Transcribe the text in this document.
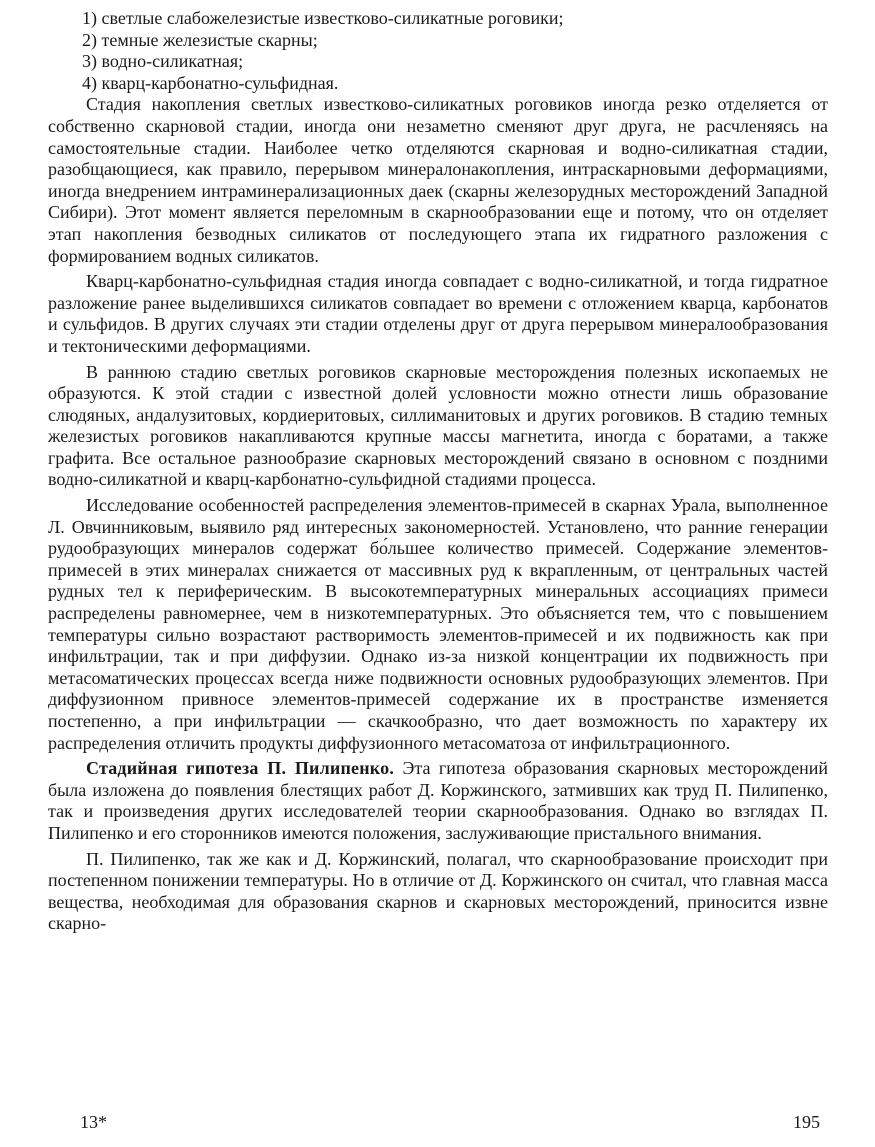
1) светлые слабожелезистые известково-силикатные роговики;
2) темные железистые скарны;
3) водно-силикатная;
4) кварц-карбонатно-сульфидная.

Стадия накопления светлых известково-силикатных роговиков иногда резко отделяется от собственно скарновой стадии, иногда они незаметно сменяют друг друга, не расчленяясь на самостоятельные стадии. Наиболее четко отделяются скарновая и водно-силикатная стадии, разобщающиеся, как правило, перерывом минералонакопления, интраскарновыми деформациями, иногда внедрением интраминерализационных даек (скарны железорудных месторождений Западной Сибири). Этот момент является переломным в скарнообразовании еще и потому, что он отделяет этап накопления безводных силикатов от последующего этапа их гидратного разложения с формированием водных силикатов.

Кварц-карбонатно-сульфидная стадия иногда совпадает с водно-силикатной, и тогда гидратное разложение ранее выделившихся силикатов совпадает во времени с отложением кварца, карбонатов и сульфидов. В других случаях эти стадии отделены друг от друга перерывом минералообразования и тектоническими деформациями.

В раннюю стадию светлых роговиков скарновые месторождения полезных ископаемых не образуются. К этой стадии с известной долей условности можно отнести лишь образование слюдяных, андалузитовых, кордиеритовых, силлиманитовых и других роговиков. В стадию темных железистых роговиков накапливаются крупные массы магнетита, иногда с боратами, а также графита. Все остальное разнообразие скарновых месторождений связано в основном с поздними водно-силикатной и кварц-карбонатно-сульфидной стадиями процесса.

Исследование особенностей распределения элементов-примесей в скарнах Урала, выполненное Л. Овчинниковым, выявило ряд интересных закономерностей. Установлено, что ранние генерации рудообразующих минералов содержат бо́льшее количество примесей. Содержание элементов-примесей в этих минералах снижается от массивных руд к вкрапленным, от центральных частей рудных тел к периферическим. В высокотемпературных минеральных ассоциациях примеси распределены равномернее, чем в низкотемпературных. Это объясняется тем, что с повышением температуры сильно возрастают растворимость элементов-примесей и их подвижность как при инфильтрации, так и при диффузии. Однако из-за низкой концентрации их подвижность при метасоматических процессах всегда ниже подвижности основных рудообразующих элементов. При диффузионном привносе элементов-примесей содержание их в пространстве изменяется постепенно, а при инфильтрации — скачкообразно, что дает возможность по характеру их распределения отличить продукты диффузионного метасоматоза от инфильтрационного.

Стадийная гипотеза П. Пилипенко. Эта гипотеза образования скарновых месторождений была изложена до появления блестящих работ Д. Коржинского, затмивших как труд П. Пилипенко, так и произведения других исследователей теории скарнообразования. Однако во взглядах П. Пилипенко и его сторонников имеются положения, заслуживающие пристального внимания.

П. Пилипенко, так же как и Д. Коржинский, полагал, что скарнообразование происходит при постепенном понижении температуры. Но в отличие от Д. Коржинского он считал, что главная масса вещества, необходимая для образования скарнов и скарновых месторождений, приносится извне скарно-

13*	195
